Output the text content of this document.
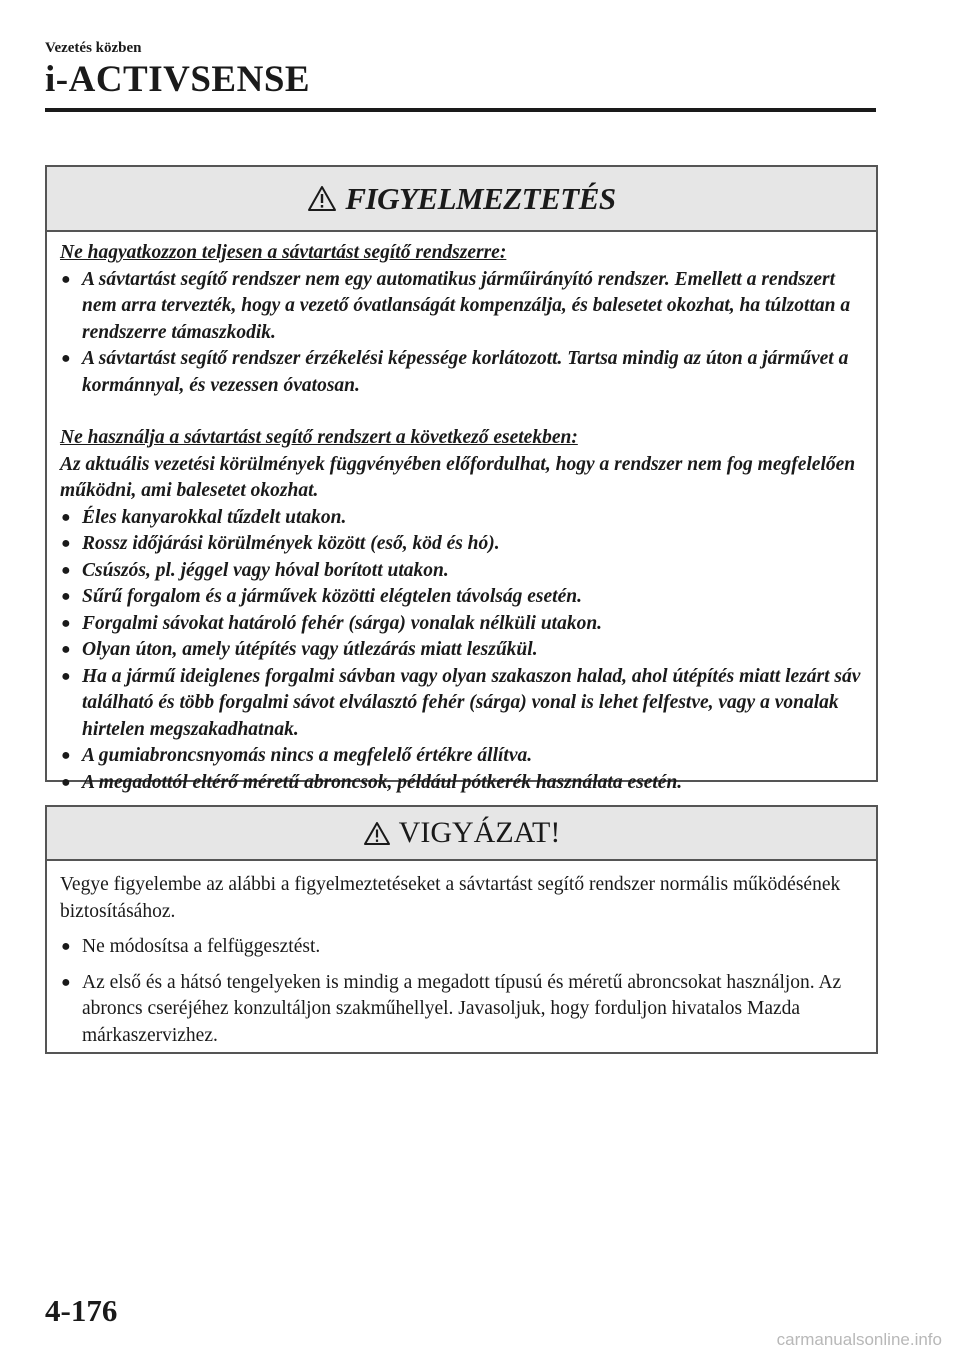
Vezetés közben
i-ACTIVSENSE
FIGYELMEZTETÉS
Ne hagyatkozzon teljesen a sávtartást segítő rendszerre:
● A sávtartást segítő rendszer nem egy automatikus járműirányító rendszer. Emellett a rendszert nem arra tervezték, hogy a vezető óvatlanságát kompenzálja, és balesetet okozhat, ha túlzottan a rendszerre támaszkodik.
● A sávtartást segítő rendszer érzékelési képessége korlátozott. Tartsa mindig az úton a járművet a kormánnyal, és vezessen óvatosan.
Ne használja a sávtartást segítő rendszert a következő esetekben:
Az aktuális vezetési körülmények függvényében előfordulhat, hogy a rendszer nem fog megfelelően működni, ami balesetet okozhat.
● Éles kanyarokkal tűzdelt utakon.
● Rossz időjárási körülmények között (eső, köd és hó).
● Csúszós, pl. jéggel vagy hóval borított utakon.
● Sűrű forgalom és a járművek közötti elégtelen távolság esetén.
● Forgalmi sávokat határoló fehér (sárga) vonalak nélküli utakon.
● Olyan úton, amely útépítés vagy útlezárás miatt leszűkül.
● Ha a jármű ideiglenes forgalmi sávban vagy olyan szakaszon halad, ahol útépítés miatt lezárt sáv található és több forgalmi sávot elválasztó fehér (sárga) vonal is lehet felfestve, vagy a vonalak hirtelen megszakadhatnak.
● A gumiabroncsnyomás nincs a megfelelő értékre állítva.
● A megadottól eltérő méretű abroncsok, például pótkerék használata esetén.
VIGYÁZAT!
Vegye figyelembe az alábbi a figyelmeztetéseket a sávtartást segítő rendszer normális működésének biztosításához.
● Ne módosítsa a felfüggesztést.
● Az első és a hátsó tengelyeken is mindig a megadott típusú és méretű abroncsokat használjon. Az abroncs cseréjéhez konzultáljon szakműhellyel. Javasoljuk, hogy forduljon hivatalos Mazda márkaszervizhez.
4-176
carmanualsonline.info
